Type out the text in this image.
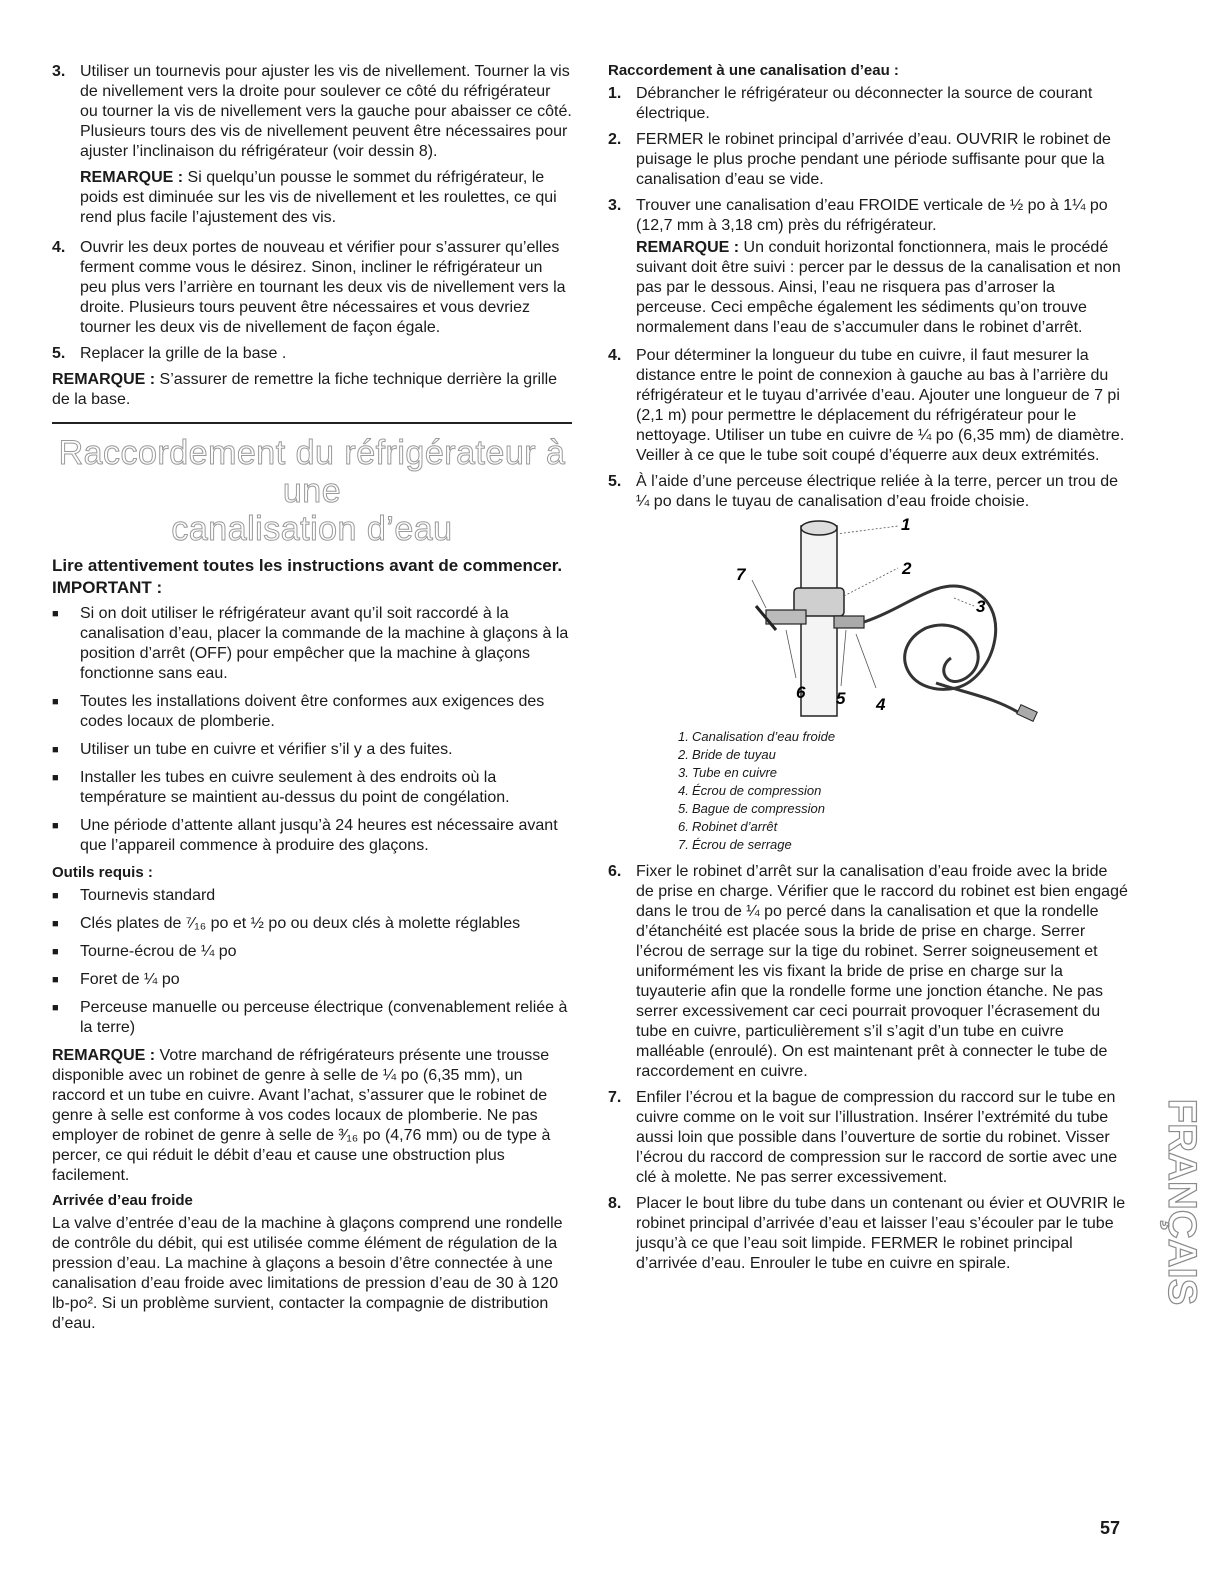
3. Utiliser un tournevis pour ajuster les vis de nivellement. Tourner la vis de nivellement vers la droite pour soulever ce côté du réfrigérateur ou tourner la vis de nivellement vers la gauche pour abaisser ce côté. Plusieurs tours des vis de nivellement peuvent être nécessaires pour ajuster l’inclinaison du réfrigérateur (voir dessin 8).

REMARQUE : Si quelqu’un pousse le sommet du réfrigérateur, le poids est diminuée sur les vis de nivellement et les roulettes, ce qui rend plus facile l’ajustement des vis.

4. Ouvrir les deux portes de nouveau et vérifier pour s’assurer qu’elles ferment comme vous le désirez. Sinon, incliner le réfrigérateur un peu plus vers l’arrière en tournant les deux vis de nivellement vers la droite. Plusieurs tours peuvent être nécessaires et vous devriez tourner les deux vis de nivellement de façon égale.
5. Replacer la grille de la base .

REMARQUE : S’assurer de remettre la fiche technique derrière la grille de la base.

Raccordement du réfrigérateur à une
canalisation d’eau
Lire attentivement toutes les instructions avant de commencer.
IMPORTANT :
■	Si on doit utiliser le réfrigérateur avant qu’il soit raccordé à la canalisation d’eau, placer la commande de la machine à glaçons à la position d’arrêt (OFF) pour empêcher que la machine à glaçons fonctionne sans eau.
■	Toutes les installations doivent être conformes aux exigences des codes locaux de plomberie.
■	Utiliser un tube en cuivre et vérifier s’il y a des fuites.
■	Installer les tubes en cuivre seulement à des endroits où la température se maintient au-dessus du point de congélation.
■	Une période d’attente allant jusqu’à 24 heures est nécessaire avant que l’appareil commence à produire des glaçons.
Outils requis :
■	Tournevis standard
■	Clés plates de ⁷⁄₁₆ po et ½ po ou deux clés à molette réglables
■	Tourne-écrou de ¼ po
■	Foret de ¼ po
■	Perceuse manuelle ou perceuse électrique (convenablement reliée à la terre)

REMARQUE : Votre marchand de réfrigérateurs présente une trousse disponible avec un robinet de genre à selle de ¼ po (6,35 mm), un raccord et un tube en cuivre. Avant l’achat, s’assurer que le robinet de genre à selle est conforme à vos codes locaux de plomberie. Ne pas employer de robinet de genre à selle de ³⁄₁₆ po (4,76 mm) ou de type à percer, ce qui réduit le débit d’eau et cause une obstruction plus facilement.

Arrivée d’eau froide

La valve d’entrée d’eau de la machine à glaçons comprend une rondelle de contrôle du débit, qui est utilisée comme élément de régulation de la pression d’eau. La machine à glaçons a besoin d’être connectée à une canalisation d’eau froide avec limitations de pression d’eau de 30 à 120 lb-po². Si un problème survient, contacter la compagnie de distribution d’eau.

Raccordement à une canalisation d’eau :
1. Débrancher le réfrigérateur ou déconnecter la source de courant électrique.
2. FERMER le robinet principal d’arrivée d’eau. OUVRIR le robinet de puisage le plus proche pendant une période suffisante pour que la canalisation d’eau se vide.
3. Trouver une canalisation d’eau FROIDE verticale de ½ po à 1¼ po (12,7 mm à 3,18 cm) près du réfrigérateur.

REMARQUE : Un conduit horizontal fonctionnera, mais le procédé suivant doit être suivi : percer par le dessus de la canalisation et non pas par le dessous. Ainsi, l’eau ne risquera pas d’arroser la perceuse. Ceci empêche également les sédiments qu’on trouve normalement dans l’eau de s’accumuler dans le robinet d’arrêt.

4. Pour déterminer la longueur du tube en cuivre, il faut mesurer la distance entre le point de connexion à gauche au bas à l’arrière du réfrigérateur et le tuyau d’arrivée d’eau. Ajouter une longueur de 7 pi (2,1 m) pour permettre le déplacement du réfrigérateur pour le nettoyage. Utiliser un tube en cuivre de ¼ po (6,35 mm) de diamètre. Veiller à ce que le tube soit coupé d’équerre aux deux extrémités.
5. À l’aide d’une perceuse électrique reliée à la terre, percer un trou de ¼ po dans le tuyau de canalisation d’eau froide choisie.
1
2
3
4
5
6
7
1. Canalisation d’eau froide
2. Bride de tuyau
3. Tube en cuivre
4. Écrou de compression
5. Bague de compression
6. Robinet d’arrêt
7. Écrou de serrage
6. Fixer le robinet d’arrêt sur la canalisation d’eau froide avec la bride de prise en charge. Vérifier que le raccord du robinet est bien engagé dans le trou de ¼ po percé dans la canalisation et que la rondelle d’étanchéité est placée sous la bride de prise en charge. Serrer l’écrou de serrage sur la tige du robinet. Serrer soigneusement et uniformément les vis fixant la bride de prise en charge sur la tuyauterie afin que la rondelle forme une jonction étanche. Ne pas serrer excessivement car ceci pourrait provoquer l’écrasement du tube en cuivre, particulièrement s’il s’agit d’un tube en cuivre malléable (enroulé). On est maintenant prêt à connecter le tube de raccordement en cuivre.
7. Enfiler l’écrou et la bague de compression du raccord sur le tube en cuivre comme on le voit sur l’illustration. Insérer l’extrémité du tube aussi loin que possible dans l’ouverture de sortie du robinet. Visser l’écrou du raccord de compression sur le raccord de sortie avec une clé à molette. Ne pas serrer excessivement.
8. Placer le bout libre du tube dans un contenant ou évier et OUVRIR le robinet principal d’arrivée d’eau et laisser l’eau s’écouler par le tube jusqu’à ce que l’eau soit limpide. FERMER le robinet principal d’arrivée d’eau. Enrouler le tube en cuivre en spirale.	FRANÇAIS
57
